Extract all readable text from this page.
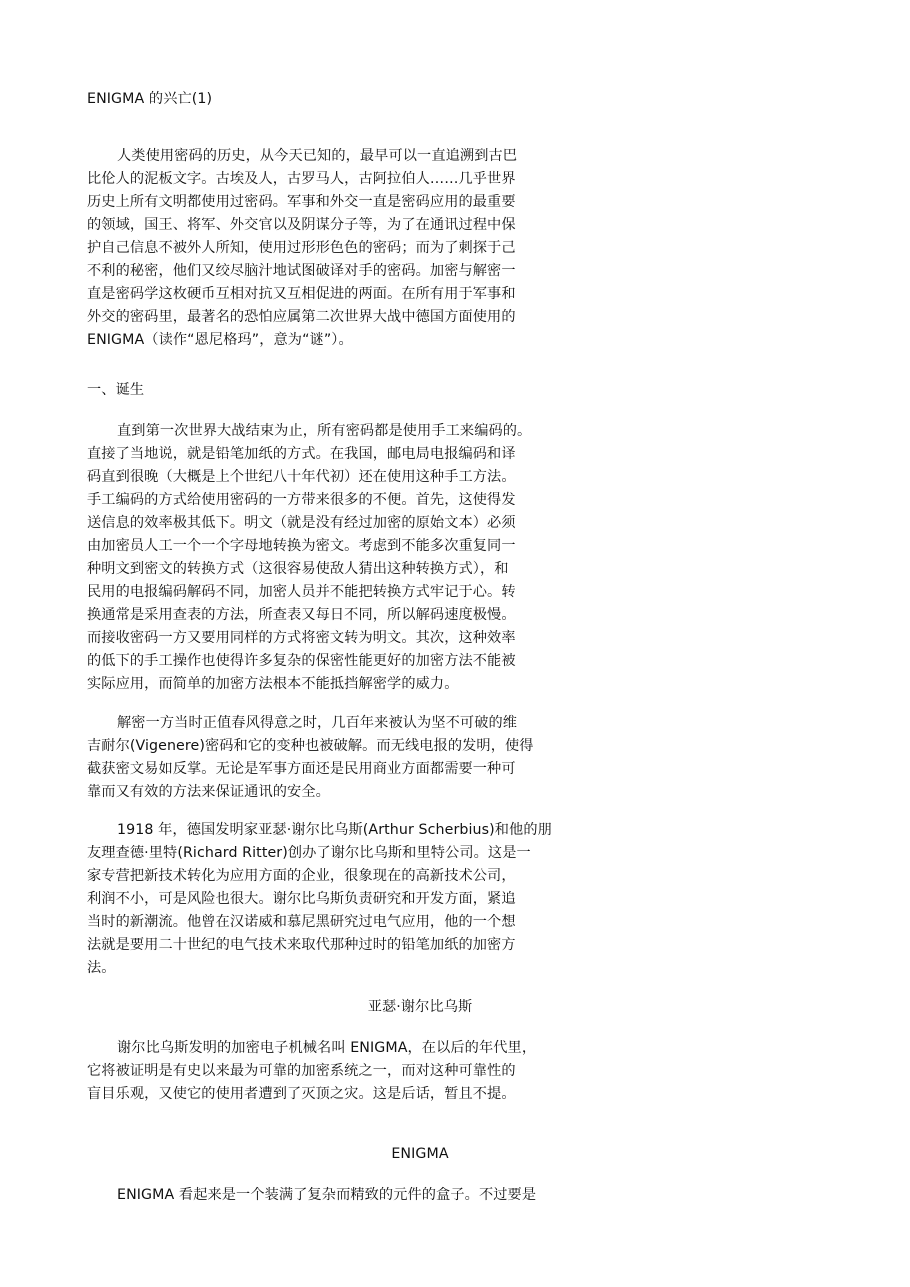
ENIGMA 的兴亡(1)
人类使用密码的历史，从今天已知的，最早可以一直追溯到古巴
比伦人的泥板文字。古埃及人，古罗马人，古阿拉伯人……几乎世界
历史上所有文明都使用过密码。军事和外交一直是密码应用的最重要
的领域，国王、将军、外交官以及阴谋分子等，为了在通讯过程中保
护自己信息不被外人所知，使用过形形色色的密码；而为了刺探于己
不利的秘密，他们又绞尽脑汁地试图破译对手的密码。加密与解密一
直是密码学这枚硬币互相对抗又互相促进的两面。在所有用于军事和
外交的密码里，最著名的恐怕应属第二次世界大战中德国方面使用的
ENIGMA（读作“恩尼格玛”，意为“谜”）。
一、诞生
直到第一次世界大战结束为止，所有密码都是使用手工来编码的。
直接了当地说，就是铅笔加纸的方式。在我国，邮电局电报编码和译
码直到很晚（大概是上个世纪八十年代初）还在使用这种手工方法。
手工编码的方式给使用密码的一方带来很多的不便。首先，这使得发
送信息的效率极其低下。明文（就是没有经过加密的原始文本）必须
由加密员人工一个一个字母地转换为密文。考虑到不能多次重复同一
种明文到密文的转换方式（这很容易使敌人猜出这种转换方式），和
民用的电报编码解码不同，加密人员并不能把转换方式牢记于心。转
换通常是采用查表的方法，所查表又每日不同，所以解码速度极慢。
而接收密码一方又要用同样的方式将密文转为明文。其次，这种效率
的低下的手工操作也使得许多复杂的保密性能更好的加密方法不能被
实际应用，而简单的加密方法根本不能抵挡解密学的威力。
解密一方当时正值春风得意之时，几百年来被认为坚不可破的维
吉耐尔(Vigenere)密码和它的变种也被破解。而无线电报的发明，使得
截获密文易如反掌。无论是军事方面还是民用商业方面都需要一种可
靠而又有效的方法来保证通讯的安全。
1918 年，德国发明家亚瑟·谢尔比乌斯(Arthur Scherbius)和他的朋
友理查德·里特(Richard Ritter)创办了谢尔比乌斯和里特公司。这是一
家专营把新技术转化为应用方面的企业，很象现在的高新技术公司，
利润不小，可是风险也很大。谢尔比乌斯负责研究和开发方面，紧追
当时的新潮流。他曾在汉诺威和慕尼黑研究过电气应用，他的一个想
法就是要用二十世纪的电气技术来取代那种过时的铅笔加纸的加密方
法。
亚瑟·谢尔比乌斯
谢尔比乌斯发明的加密电子机械名叫 ENIGMA，在以后的年代里，
它将被证明是有史以来最为可靠的加密系统之一，而对这种可靠性的
盲目乐观，又使它的使用者遭到了灭顶之灾。这是后话，暂且不提。
ENIGMA
ENIGMA 看起来是一个装满了复杂而精致的元件的盒子。不过要是
